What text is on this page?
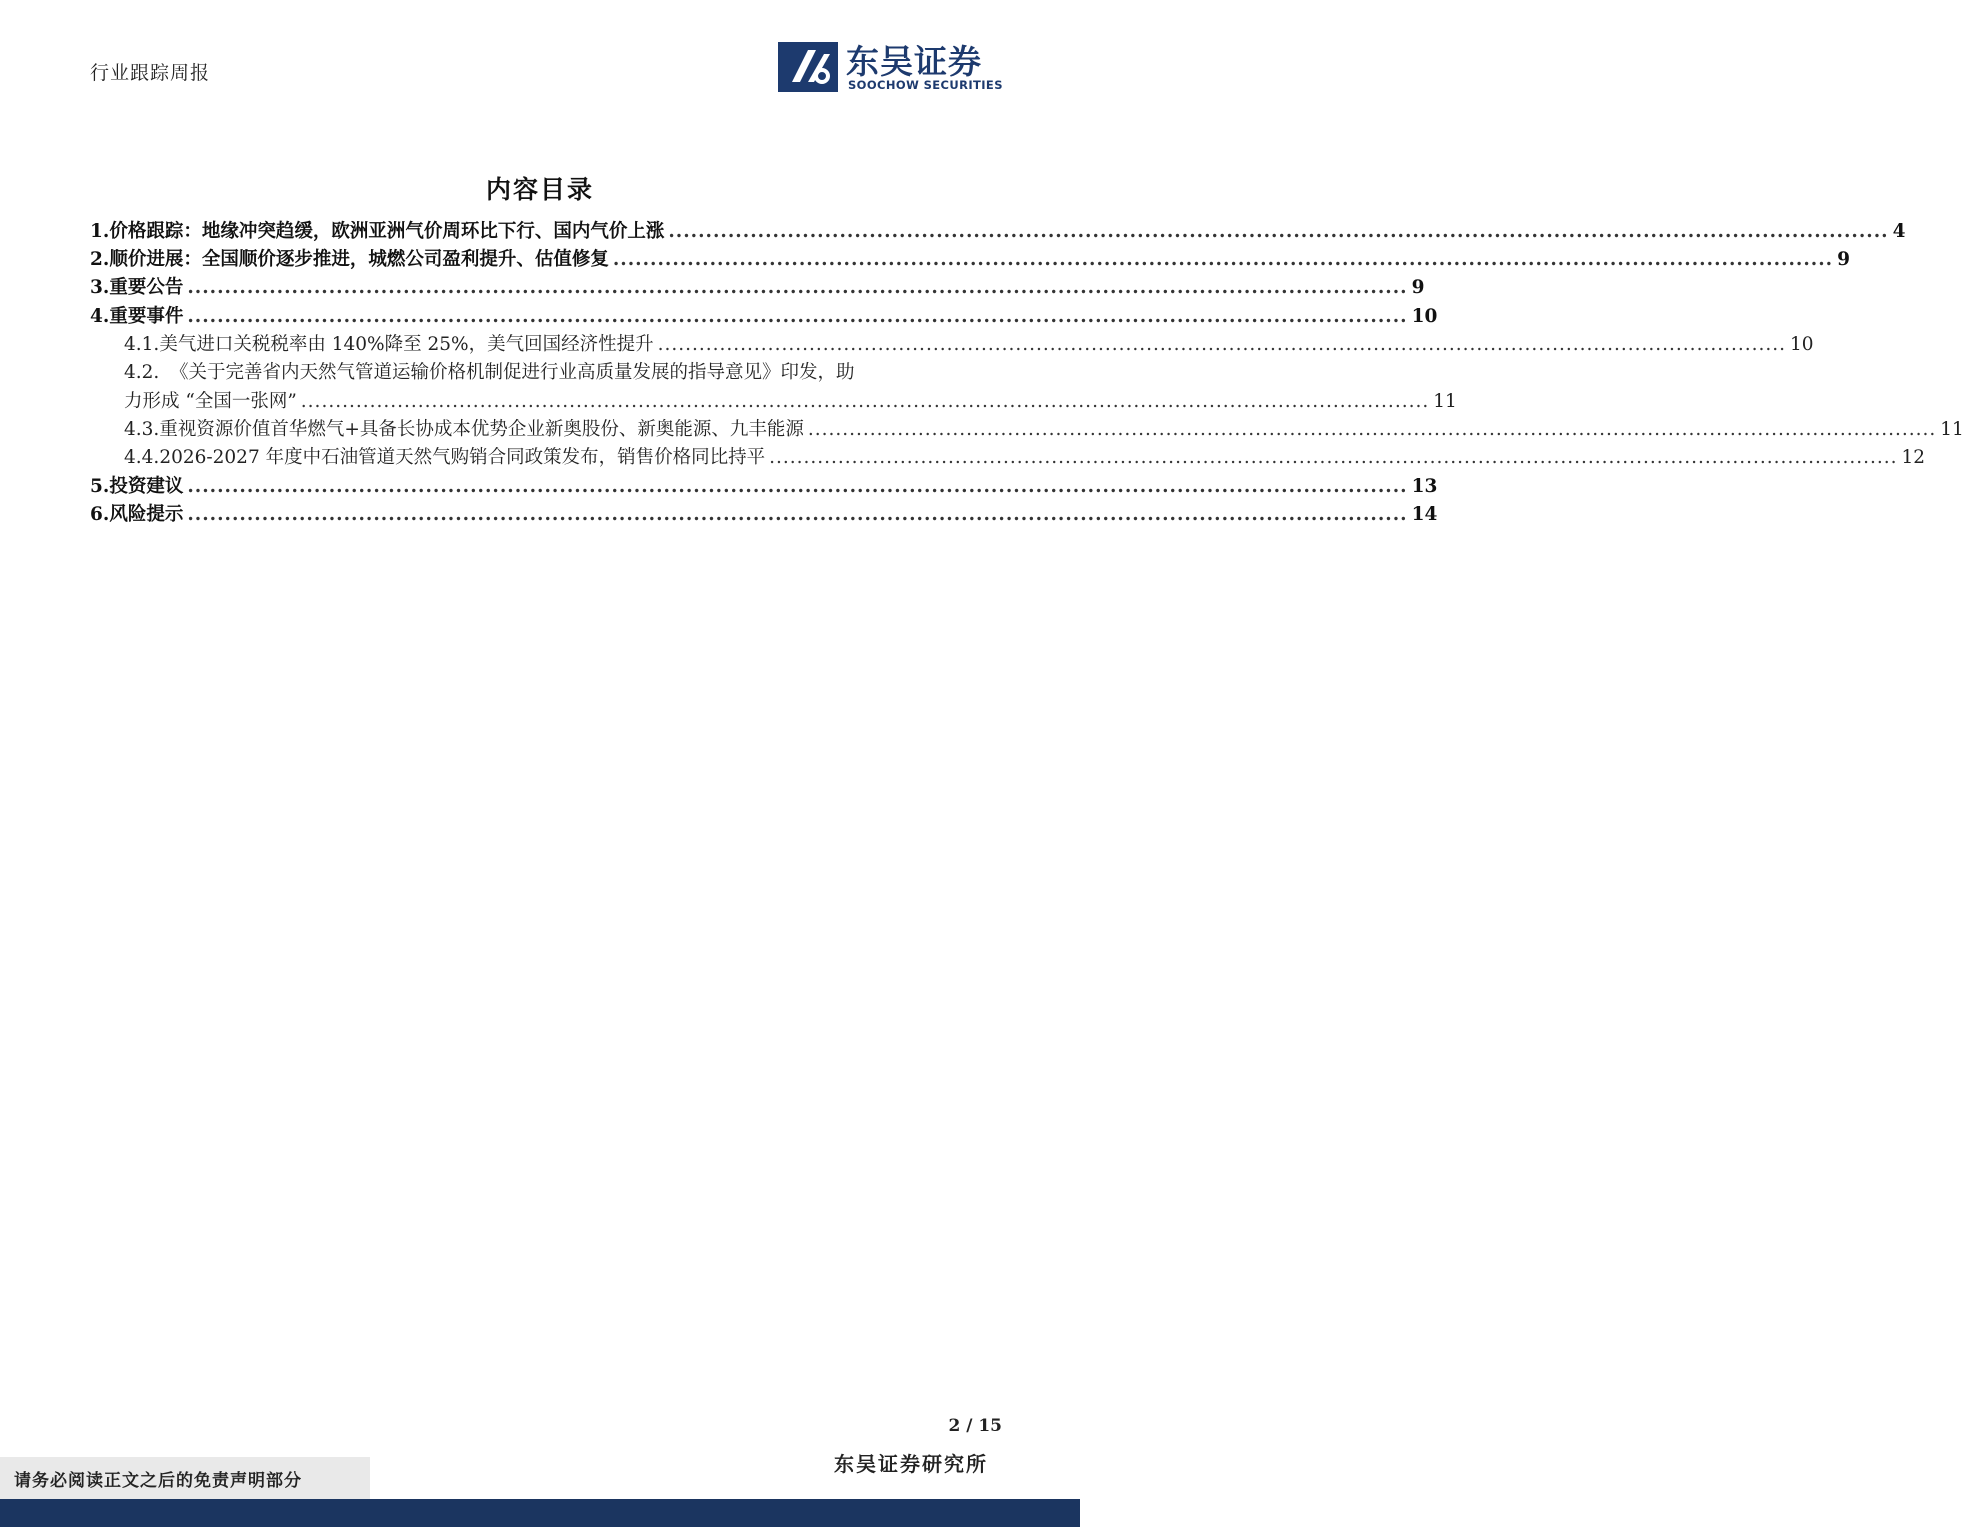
行业跟踪周报	东吴证券
SOOCHOW SECURITIES
内容目录
1. 价格跟踪：地缘冲突趋缓，欧洲亚洲气价周环比下行、国内气价上涨 .................................................................................................................................................................... 4
2. 顺价进展：全国顺价逐步推进，城燃公司盈利提升、估值修复 .................................................................................................................................................................... 9
3. 重要公告 .................................................................................................................................................................... 9
4. 重要事件 .................................................................................................................................................................... 10
4.1. 美气进口关税税率由 140%降至 25%，美气回国经济性提升 .................................................................................................................................................................... 10
4.2. 《关于完善省内天然气管道运输价格机制促进行业高质量发展的指导意见》印发，助
力形成 “全国一张网” .................................................................................................................................................................... 11
4.3. 重视资源价值首华燃气+具备长协成本优势企业新奥股份、新奥能源、九丰能源 .................................................................................................................................................................... 11
4.4. 2026-2027 年度中石油管道天然气购销合同政策发布，销售价格同比持平 .................................................................................................................................................................... 12
5. 投资建议 .................................................................................................................................................................... 13
6. 风险提示 .................................................................................................................................................................... 14
2 / 15
东吴证券研究所
请务必阅读正文之后的免责声明部分
